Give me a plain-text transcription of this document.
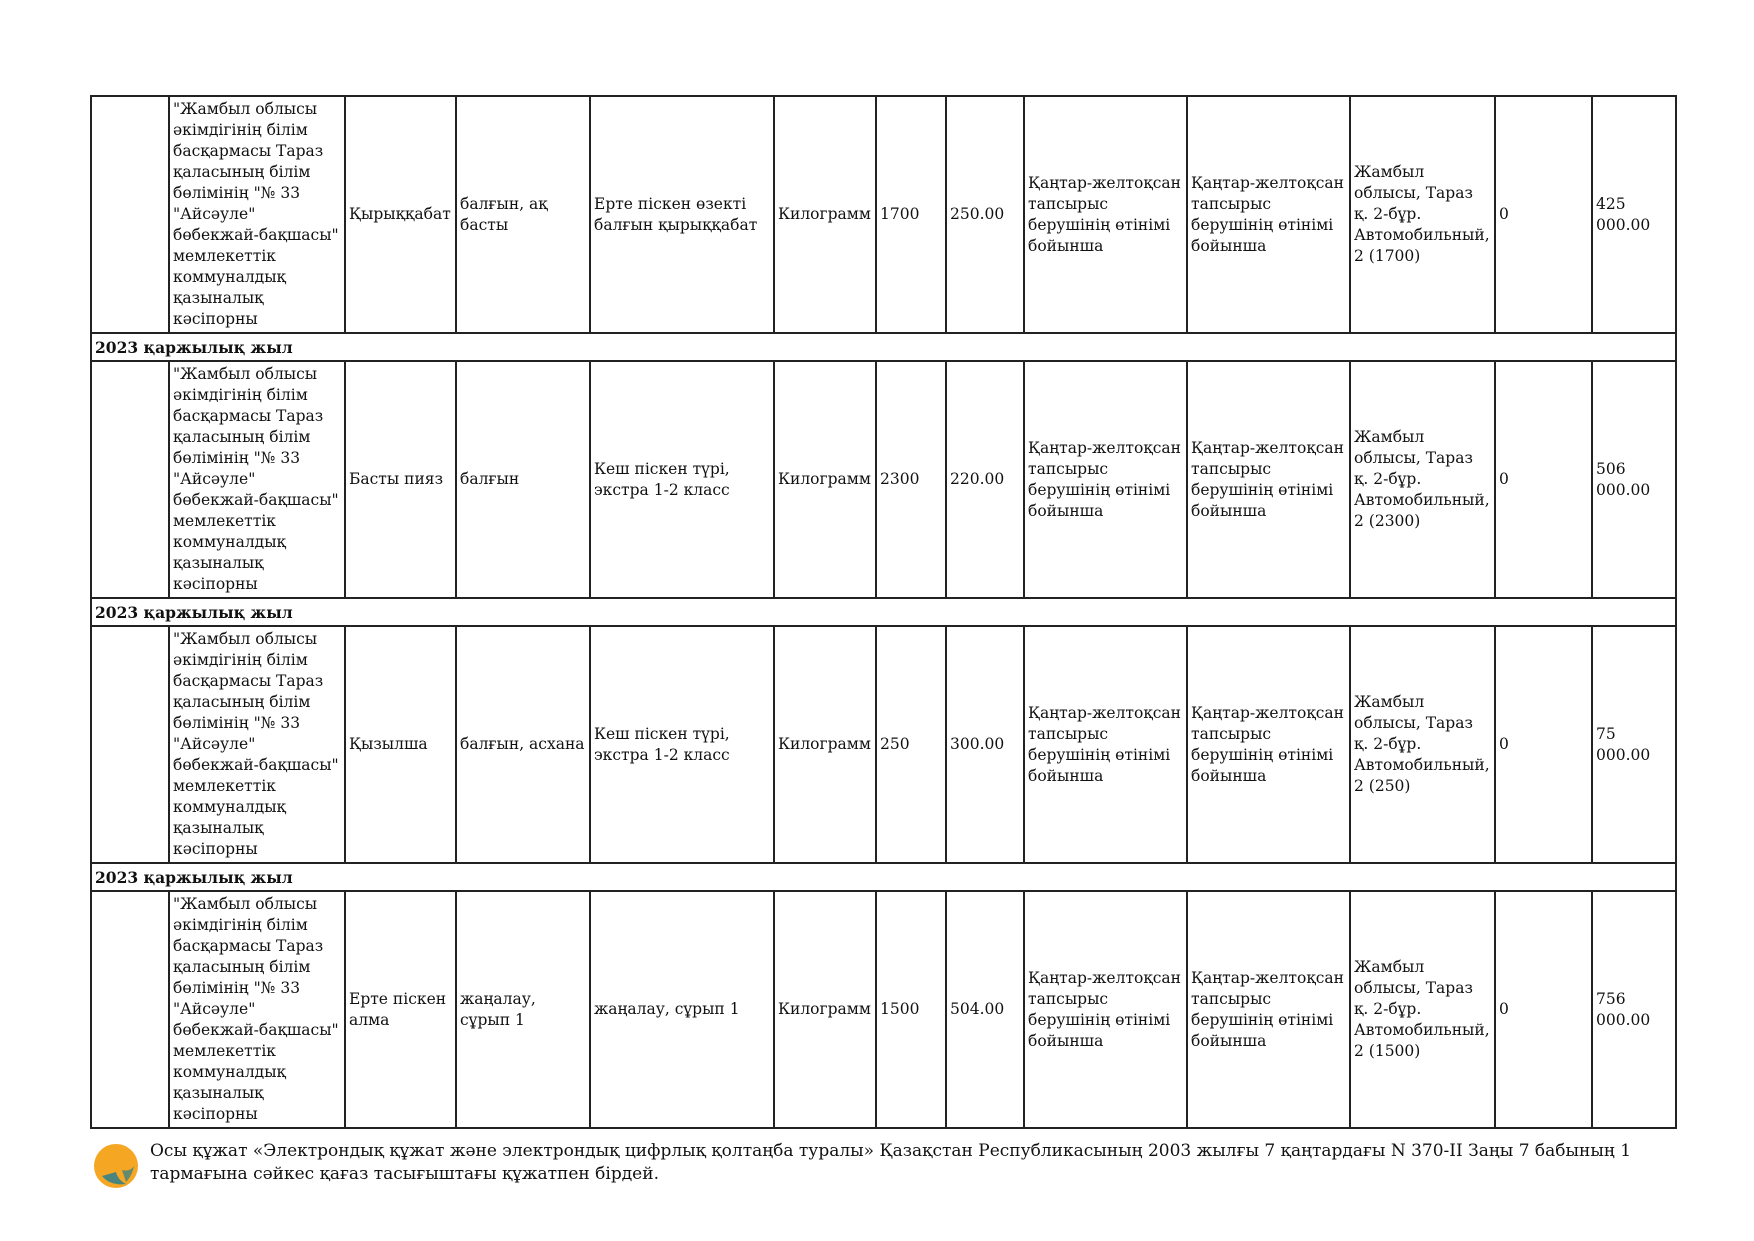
	"Жамбыл облысы әкімдігінің білім басқармасы Тараз қаласының білім бөлімінің "№ 33 "Айсәуле" бөбекжай-бақшасы" мемлекеттік коммуналдық қазыналық кәсіпорны	Қырыққабат	балғын, ақ басты	Ерте піскен өзекті балғын қырыққабат	Килограмм	1700	250.00	Қаңтар-желтоқсан тапсырыс берушінің өтінімі бойынша	Қаңтар-желтоқсан тапсырыс берушінің өтінімі бойынша	Жамбыл облысы, Тараз қ. 2-бұр. Автомобильный, 2 (1700)	0	425 000.00
2023 қаржылық жыл												
	"Жамбыл облысы әкімдігінің білім басқармасы Тараз қаласының білім бөлімінің "№ 33 "Айсәуле" бөбекжай-бақшасы" мемлекеттік коммуналдық қазыналық кәсіпорны	Басты пияз	балғын	Кеш піскен түрі, экстра 1-2 класс	Килограмм	2300	220.00	Қаңтар-желтоқсан тапсырыс берушінің өтінімі бойынша	Қаңтар-желтоқсан тапсырыс берушінің өтінімі бойынша	Жамбыл облысы, Тараз қ. 2-бұр. Автомобильный, 2 (2300)	0	506 000.00
2023 қаржылық жыл												
	"Жамбыл облысы әкімдігінің білім басқармасы Тараз қаласының білім бөлімінің "№ 33 "Айсәуле" бөбекжай-бақшасы" мемлекеттік коммуналдық қазыналық кәсіпорны	Қызылша	балғын, асхана	Кеш піскен түрі, экстра 1-2 класс	Килограмм	250	300.00	Қаңтар-желтоқсан тапсырыс берушінің өтінімі бойынша	Қаңтар-желтоқсан тапсырыс берушінің өтінімі бойынша	Жамбыл облысы, Тараз қ. 2-бұр. Автомобильный, 2 (250)	0	75 000.00
2023 қаржылық жыл												
	"Жамбыл облысы әкімдігінің білім басқармасы Тараз қаласының білім бөлімінің "№ 33 "Айсәуле" бөбекжай-бақшасы" мемлекеттік коммуналдық қазыналық кәсіпорны	Ерте піскен алма	жаңалау, сұрып 1	жаңалау, сұрып 1	Килограмм	1500	504.00	Қаңтар-желтоқсан тапсырыс берушінің өтінімі бойынша	Қаңтар-желтоқсан тапсырыс берушінің өтінімі бойынша	Жамбыл облысы, Тараз қ. 2-бұр. Автомобильный, 2 (1500)	0	756 000.00
Осы құжат «Электрондық құжат және электрондық цифрлық қолтаңба туралы» Қазақстан Республикасының 2003 жылғы 7 қаңтардағы N 370-II Заңы 7 бабының 1 тармағына сәйкес қағаз тасығыштағы құжатпен бірдей.
